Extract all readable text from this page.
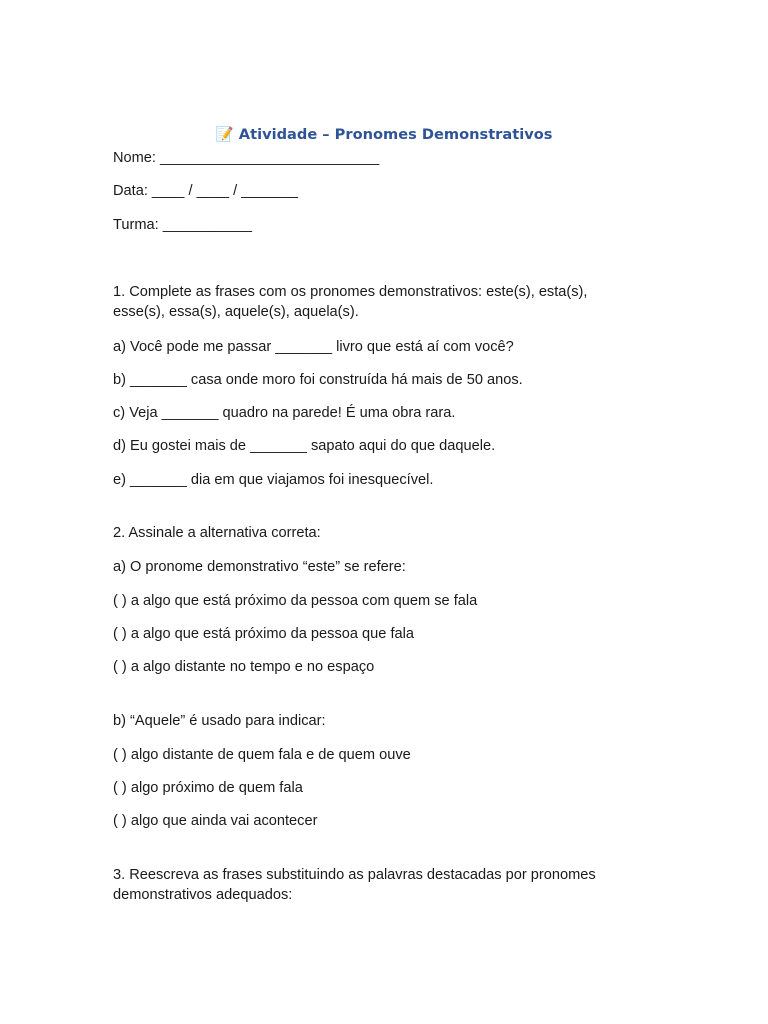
📝 Atividade – Pronomes Demonstrativos
Nome: ___________________________
Data: ____ / ____ / _______
Turma: ___________
1. Complete as frases com os pronomes demonstrativos: este(s), esta(s), esse(s), essa(s), aquele(s), aquela(s).
a) Você pode me passar _______ livro que está aí com você?
b) _______ casa onde moro foi construída há mais de 50 anos.
c) Veja _______ quadro na parede! É uma obra rara.
d) Eu gostei mais de _______ sapato aqui do que daquele.
e) _______ dia em que viajamos foi inesquecível.
2. Assinale a alternativa correta:
a) O pronome demonstrativo “este” se refere:
( ) a algo que está próximo da pessoa com quem se fala
( ) a algo que está próximo da pessoa que fala
( ) a algo distante no tempo e no espaço
b) “Aquele” é usado para indicar:
( ) algo distante de quem fala e de quem ouve
( ) algo próximo de quem fala
( ) algo que ainda vai acontecer
3. Reescreva as frases substituindo as palavras destacadas por pronomes demonstrativos adequados:
